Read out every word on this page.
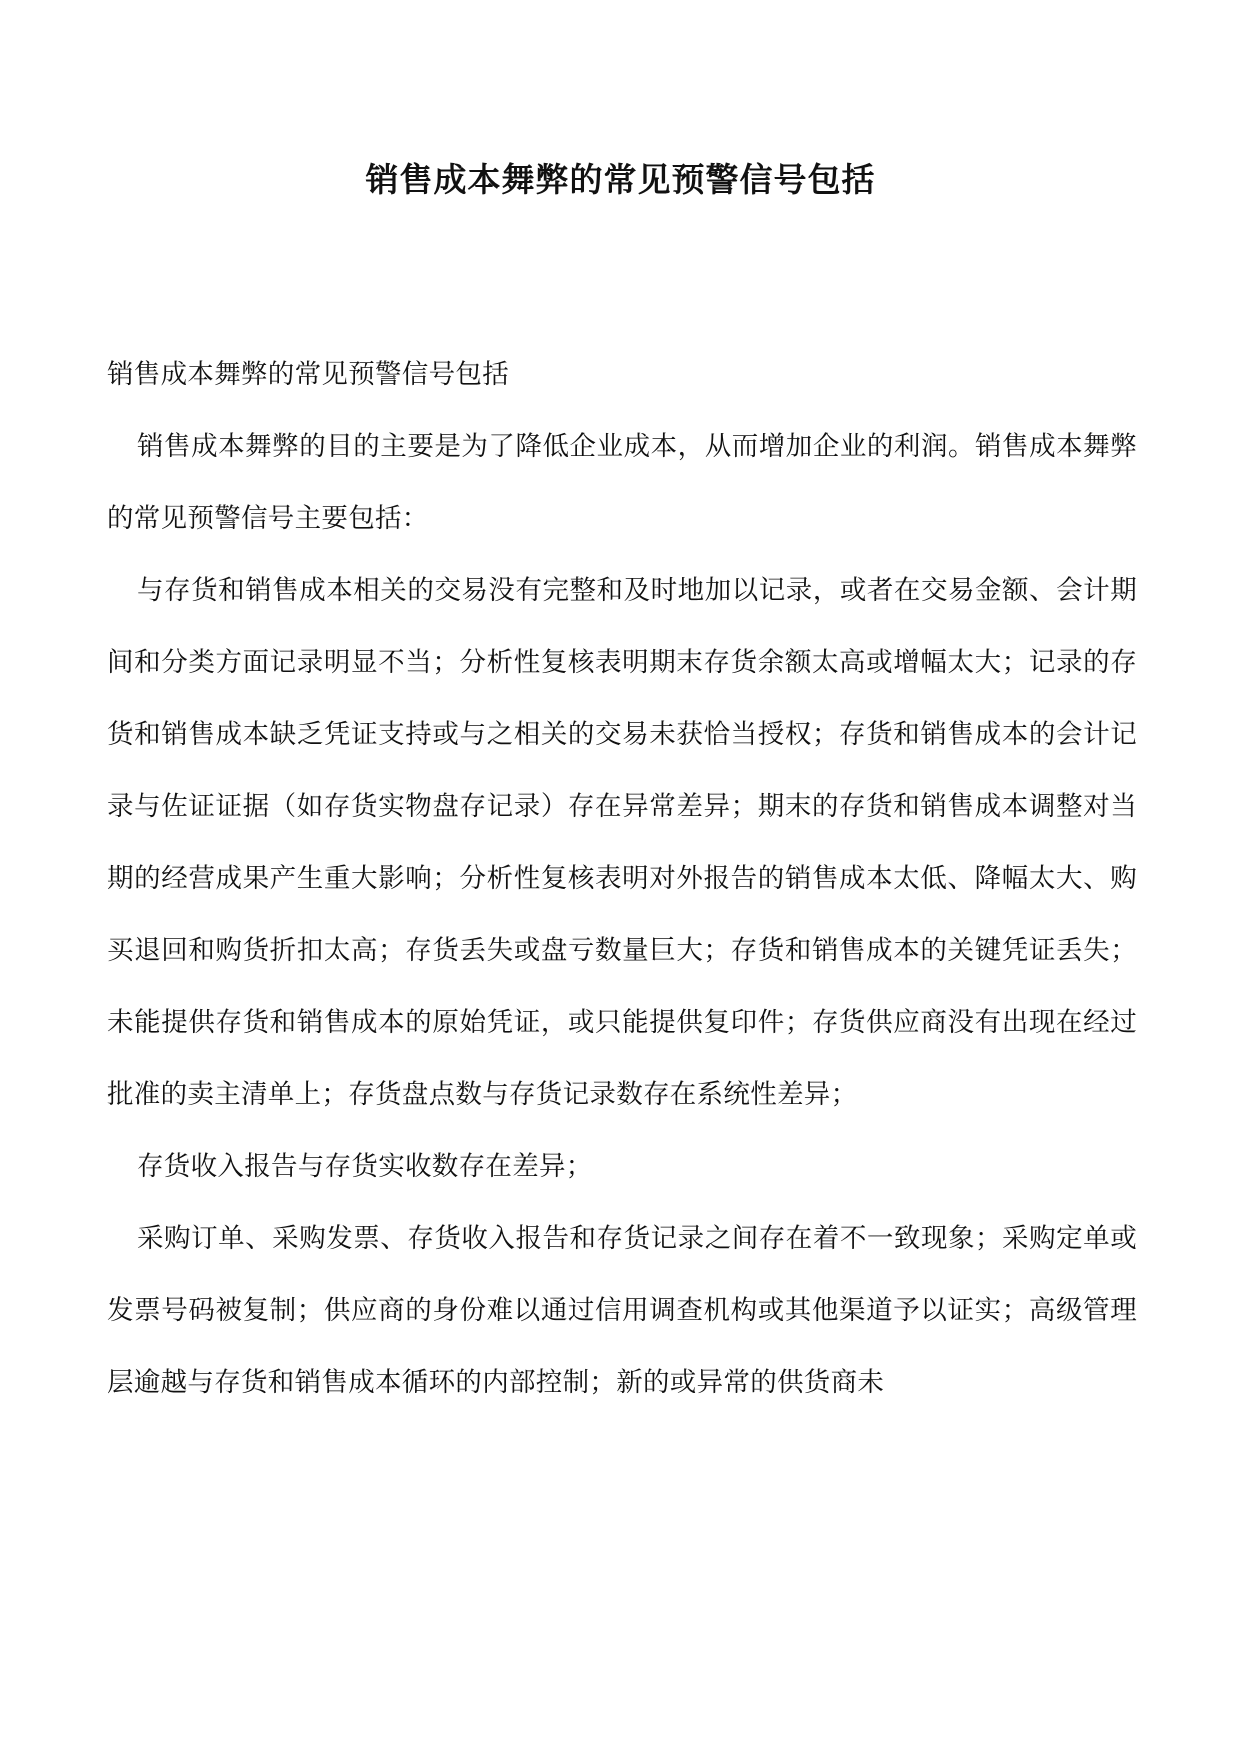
销售成本舞弊的常见预警信号包括

销售成本舞弊的常见预警信号包括

销售成本舞弊的目的主要是为了降低企业成本，从而增加企业的利润。销售成本舞弊的常见预警信号主要包括：

与存货和销售成本相关的交易没有完整和及时地加以记录，或者在交易金额、会计期间和分类方面记录明显不当；分析性复核表明期末存货余额太高或增幅太大；记录的存货和销售成本缺乏凭证支持或与之相关的交易未获恰当授权；存货和销售成本的会计记录与佐证证据（如存货实物盘存记录）存在异常差异；期末的存货和销售成本调整对当期的经营成果产生重大影响；分析性复核表明对外报告的销售成本太低、降幅太大、购买退回和购货折扣太高；存货丢失或盘亏数量巨大；存货和销售成本的关键凭证丢失；未能提供存货和销售成本的原始凭证，或只能提供复印件；存货供应商没有出现在经过批准的卖主清单上；存货盘点数与存货记录数存在系统性差异；

存货收入报告与存货实收数存在差异；

采购订单、采购发票、存货收入报告和存货记录之间存在着不一致现象；采购定单或发票号码被复制；供应商的身份难以通过信用调查机构或其他渠道予以证实；高级管理层逾越与存货和销售成本循环的内部控制；新的或异常的供货商未
